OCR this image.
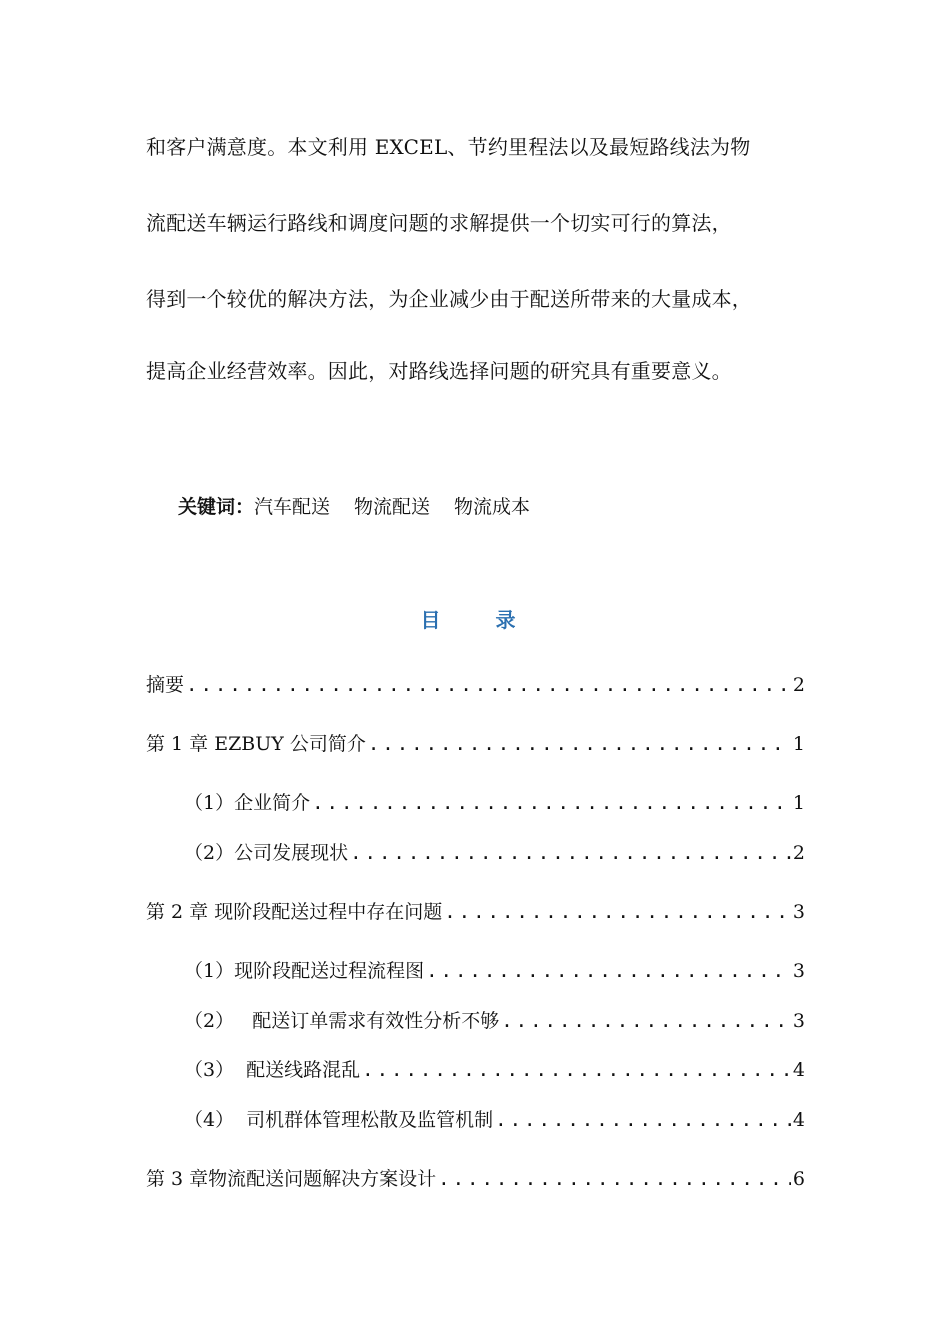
和客户满意度。本文利用 EXCEL、节约里程法以及最短路线法为物
流配送车辆运行路线和调度问题的求解提供一个切实可行的算法，
得到一个较优的解决方法，为企业减少由于配送所带来的大量成本，
提高企业经营效率。因此，对路线选择问题的研究具有重要意义。
关键词：汽车配送 物流配送 物流成本
目 录
摘要 .....	2
第 1 章 EZBUY 公司简介 .....	1
（1）企业简介 .....	1
（2）公司发展现状 .....	2
第 2 章 现阶段配送过程中存在问题 .....	3
（1）现阶段配送过程流程图 .....	3
（2）   配送订单需求有效性分析不够 .....	3
（3）  配送线路混乱 .....	4
（4）  司机群体管理松散及监管机制 .....	4
第 3 章物流配送问题解决方案设计 .....	6
